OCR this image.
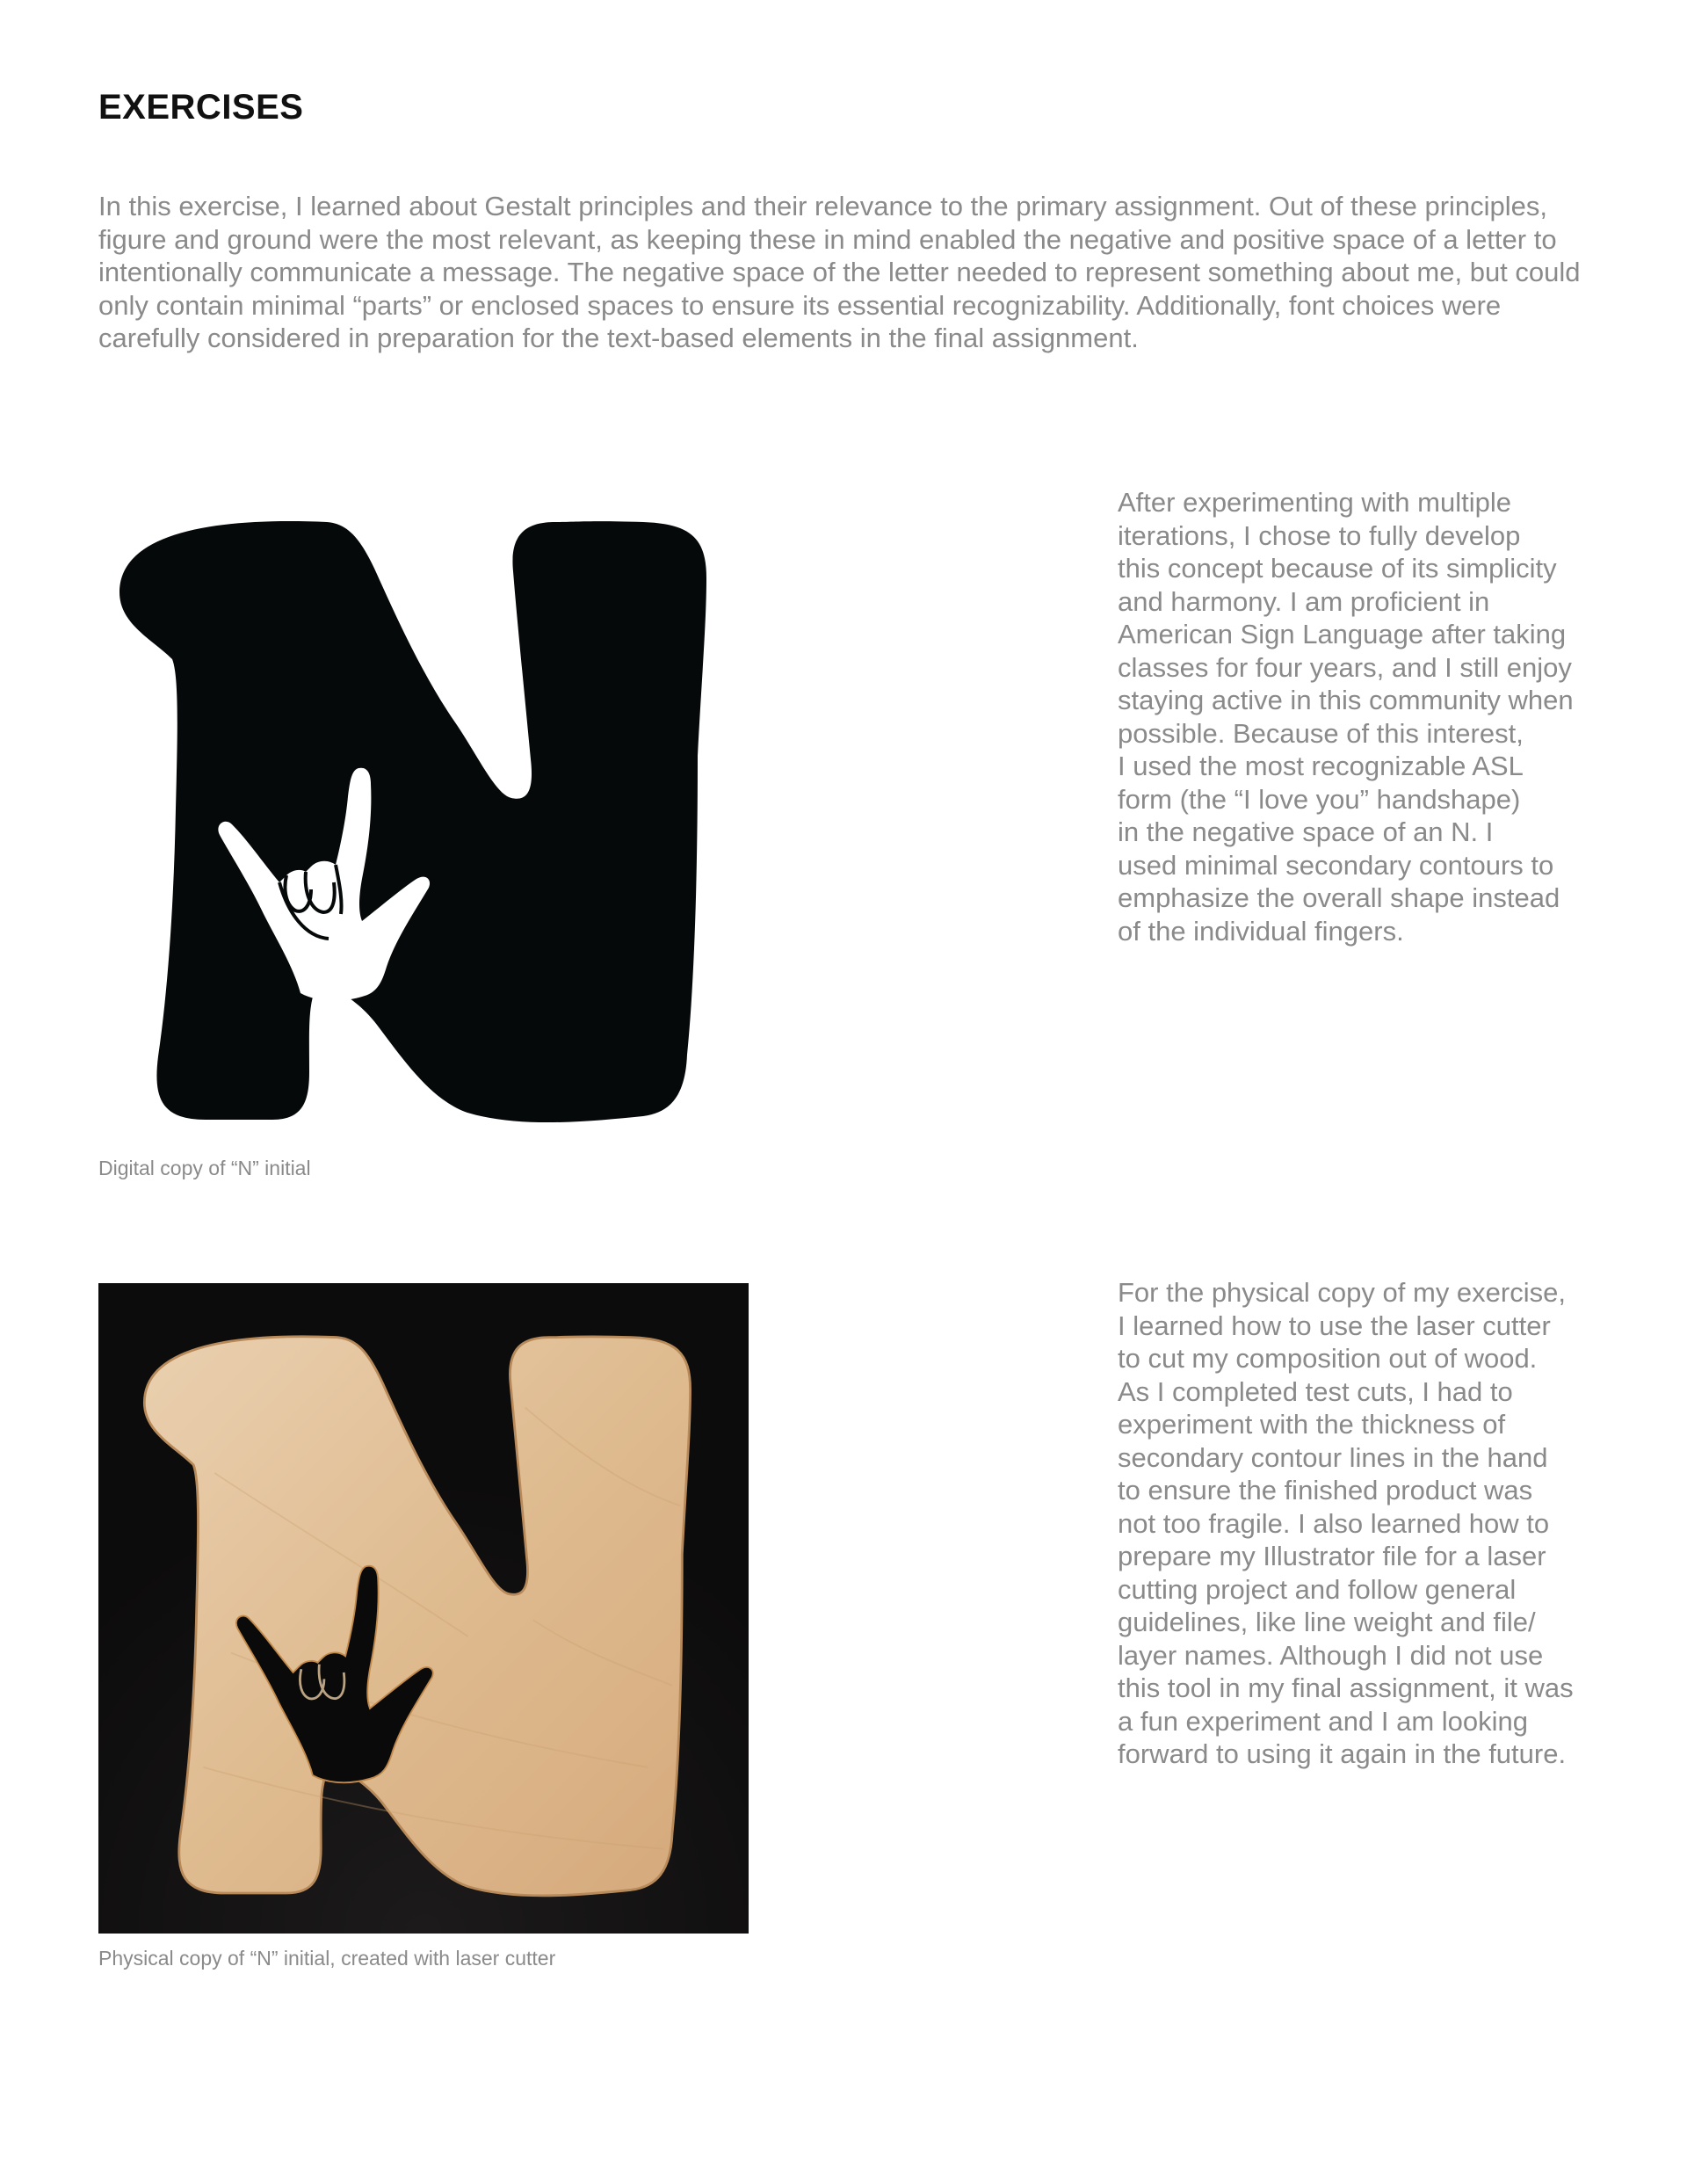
EXERCISES

In this exercise, I learned about Gestalt principles and their relevance to the primary assignment. Out of these principles, figure and ground were the most relevant, as keeping these in mind enabled the negative and positive space of a letter to intentionally communicate a message. The negative space of the letter needed to represent something about me, but could only contain minimal “parts” or enclosed spaces to ensure its essential recognizability. Additionally, font choices were carefully considered in preparation for the text-based elements in the final assignment.

After experimenting with multiple
iterations, I chose to fully develop
this concept because of its simplicity
and harmony. I am proficient in
American Sign Language after taking
classes for four years, and I still enjoy
staying active in this community when
possible. Because of this interest,
I used the most recognizable ASL
form (the “I love you” handshape)
in the negative space of an N. I
used minimal secondary contours to
emphasize the overall shape instead
of the individual fingers.

Digital copy of “N” initial

For the physical copy of my exercise,
I learned how to use the laser cutter
to cut my composition out of wood.
As I completed test cuts, I had to
experiment with the thickness of
secondary contour lines in the hand
to ensure the finished product was
not too fragile. I also learned how to
prepare my Illustrator file for a laser
cutting project and follow general
guidelines, like line weight and file/
layer names. Although I did not use
this tool in my final assignment, it was
a fun experiment and I am looking
forward to using it again in the future.

Physical copy of “N” initial, created with laser cutter
